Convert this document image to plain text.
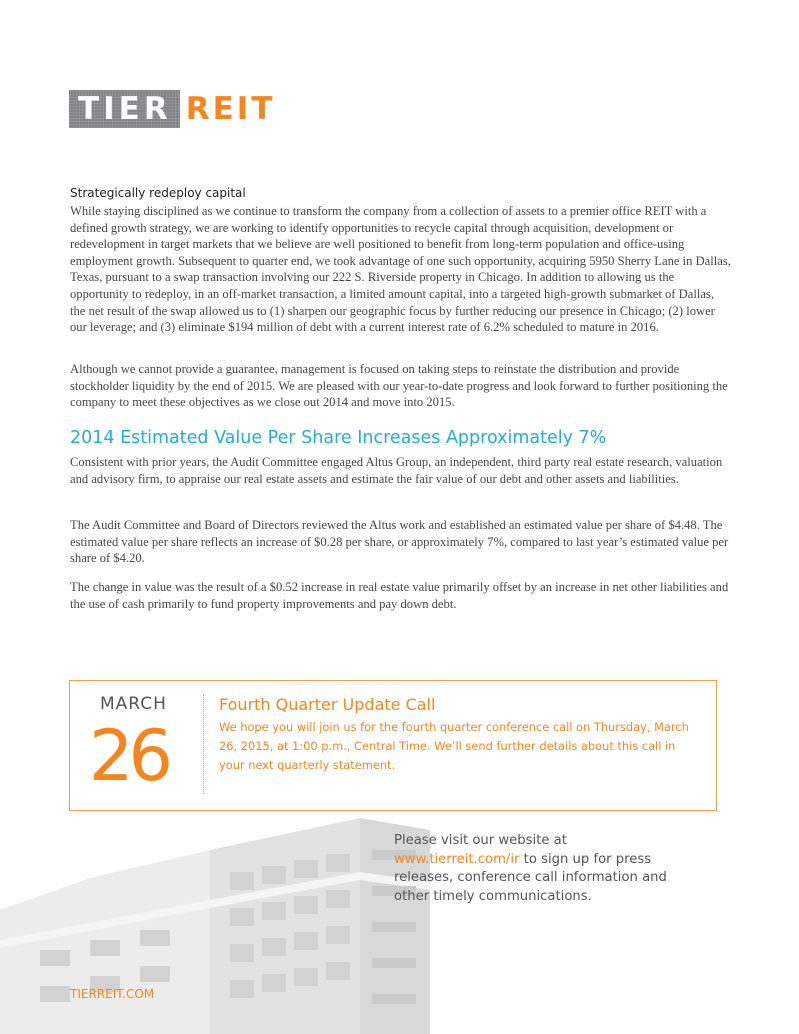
TIER REIT
Strategically redeploy capital

While staying disciplined as we continue to transform the company from a collection of assets to a premier office REIT with a defined growth strategy, we are working to identify opportunities to recycle capital through acquisition, development or redevelopment in target markets that we believe are well positioned to benefit from long-term population and office-using employment growth. Subsequent to quarter end, we took advantage of one such opportunity, acquiring 5950 Sherry Lane in Dallas, Texas, pursuant to a swap transaction involving our 222 S. Riverside property in Chicago. In addition to allowing us the opportunity to redeploy, in an off-market transaction, a limited amount capital, into a targeted high-growth submarket of Dallas, the net result of the swap allowed us to (1) sharpen our geographic focus by further reducing our presence in Chicago; (2) lower our leverage; and (3) eliminate $194 million of debt with a current interest rate of 6.2% scheduled to mature in 2016.

Although we cannot provide a guarantee, management is focused on taking steps to reinstate the distribution and provide stockholder liquidity by the end of 2015. We are pleased with our year-to-date progress and look forward to further positioning the company to meet these objectives as we close out 2014 and move into 2015.

2014 Estimated Value Per Share Increases Approximately 7%

Consistent with prior years, the Audit Committee engaged Altus Group, an independent, third party real estate research, valuation and advisory firm, to appraise our real estate assets and estimate the fair value of our debt and other assets and liabilities.

The Audit Committee and Board of Directors reviewed the Altus work and established an estimated value per share of $4.48. The estimated value per share reflects an increase of $0.28 per share, or approximately 7%, compared to last year’s estimated value per share of $4.20.

The change in value was the result of a $0.52 increase in real estate value primarily offset by an increase in net other liabilities and the use of cash primarily to fund property improvements and pay down debt.

MARCH
26
Fourth Quarter Update Call

We hope you will join us for the fourth quarter conference call on Thursday, March 26, 2015, at 1:00 p.m., Central Time. We’ll send further details about this call in your next quarterly statement.

Please visit our website at
www.tierreit.com/ir to sign up for press releases, conference call information and other timely communications.

TIERREIT.COM
